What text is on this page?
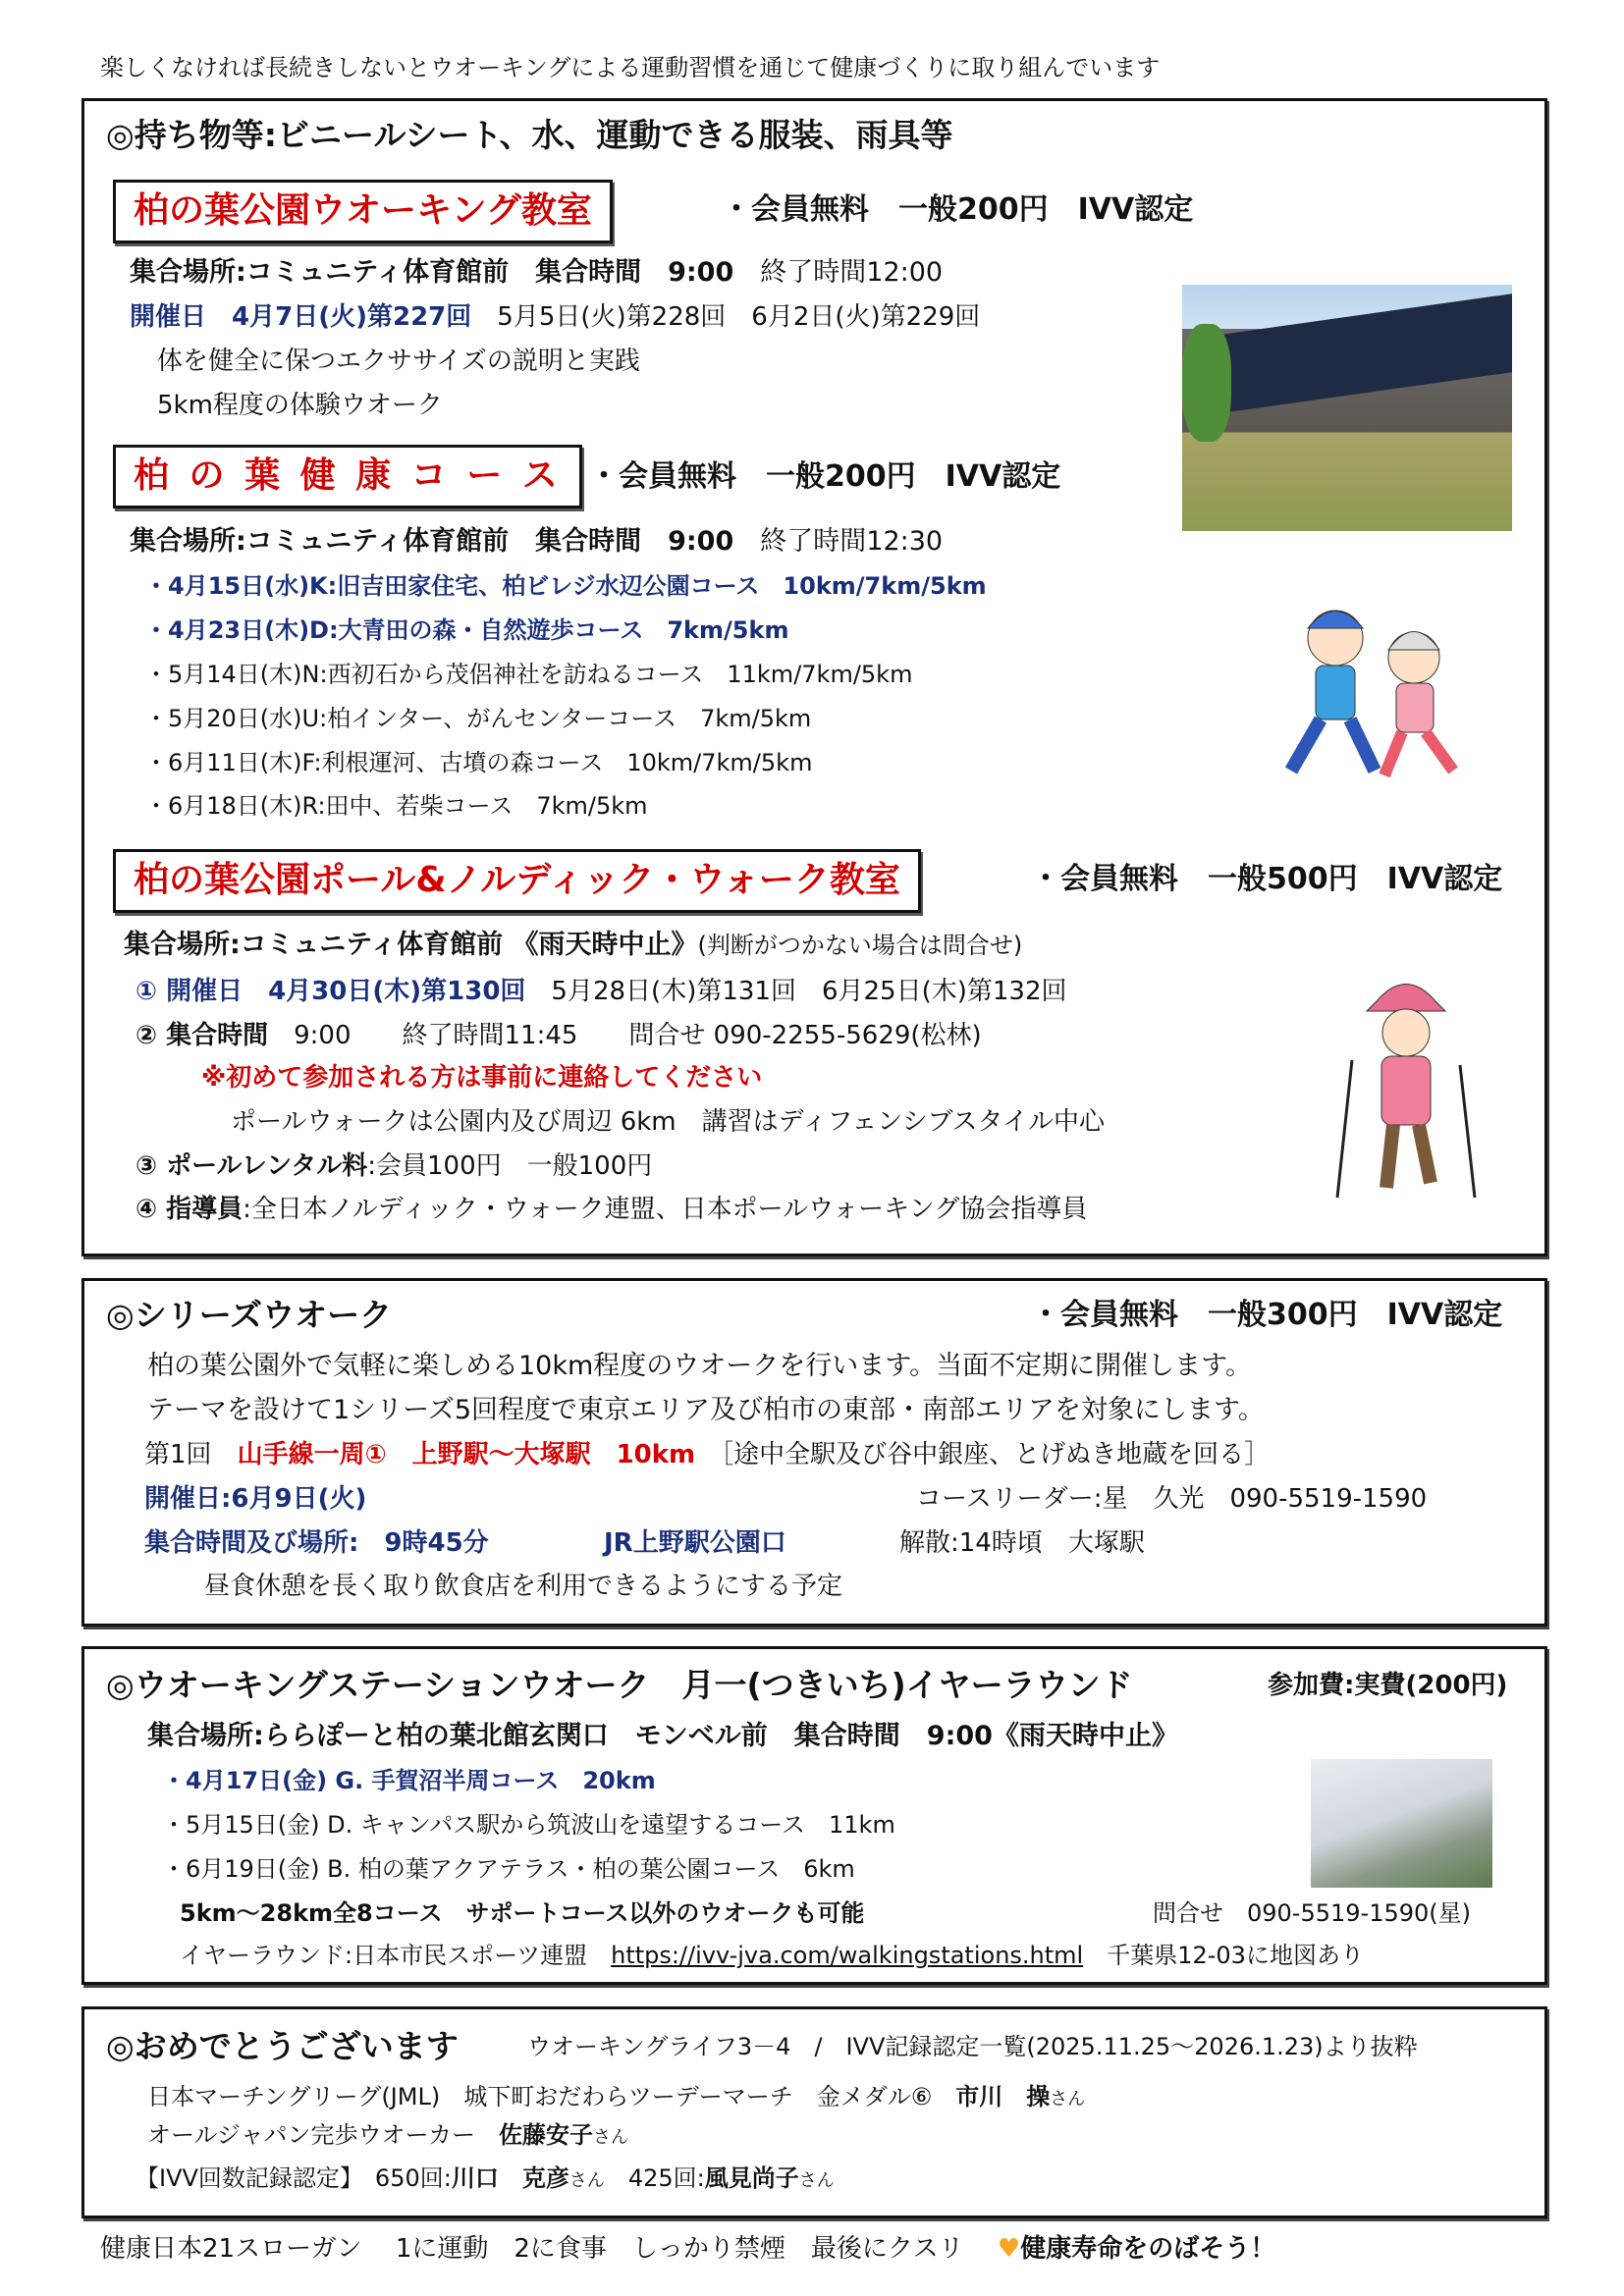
楽しくなければ長続きしないとウオーキングによる運動習慣を通じて健康づくりに取り組んでいます
◎持ち物等:ビニールシート、水、運動できる服装、雨具等
柏の葉公園ウオーキング教室	・会員無料　一般200円　IVV認定
集合場所:コミュニティ体育館前　集合時間　9:00　 終了時間12:00
開催日　 4月7日(火)第227回　 5月5日(火)第228回　6月2日(火)第229回
体を健全に保つエクササイズの説明と実践
5km程度の体験ウオーク
柏 の 葉 健 康 コ ー ス ・会員無料　一般200円　IVV認定
集合場所:コミュニティ体育館前　集合時間　9:00　 終了時間12:30
・4月15日(水)K:旧吉田家住宅、柏ビレジ水辺公園コース　10km/7km/5km
・4月23日(木)D:大青田の森・自然遊歩コース　7km/5km
・5月14日(木)N:西初石から茂侶神社を訪ねるコース　11km/7km/5km
・5月20日(水)U:柏インター、がんセンターコース　7km/5km
・6月11日(木)F:利根運河、古墳の森コース　10km/7km/5km
・6月18日(木)R:田中、若柴コース　7km/5km
柏の葉公園ポール&ノルディック・ウォーク教室	・会員無料　一般500円　IVV認定
集合場所:コミュニティ体育館前 《雨天時中止》(判断がつかない場合は問合せ)
① 開催日　 4月30日(木)第130回　 5月28日(木)第131回　6月25日(木)第132回
② 集合時間　 9:00　　終了時間11:45　　問合せ 090-2255-5629(松林)
※初めて参加される方は事前に連絡してください
ポールウォークは公園内及び周辺 6km　講習はディフェンシブスタイル中心
③ ポールレンタル料:会員100円　一般100円
④ 指導員:全日本ノルディック・ウォーク連盟、日本ポールウォーキング協会指導員
◎シリーズウオーク	・会員無料　一般300円　IVV認定
柏の葉公園外で気軽に楽しめる10km程度のウオークを行います。当面不定期に開催します。
テーマを設けて1シリーズ5回程度で東京エリア及び柏市の東部・南部エリアを対象にします。
第1回　 山手線一周①　上野駅～大塚駅　10km　 ［途中全駅及び谷中銀座、とげぬき地蔵を回る］
開催日:6月9日(火)	コースリーダー:星　久光　090-5519-1590
集合時間及び場所:　9時45分	JR上野駅公園口	解散:14時頃　大塚駅
昼食休憩を長く取り飲食店を利用できるようにする予定
◎ウオーキングステーションウオーク　月一(つきいち)イヤーラウンド	参加費:実費(200円)
集合場所:ららぽーと柏の葉北館玄関口　モンベル前　集合時間　9:00《雨天時中止》
・4月17日(金) G. 手賀沼半周コース　20km
・5月15日(金) D. キャンパス駅から筑波山を遠望するコース　11km
・6月19日(金) B. 柏の葉アクアテラス・柏の葉公園コース　6km
5km～28km全8コース　サポートコース以外のウオークも可能	問合せ　090-5519-1590(星)
イヤーラウンド:日本市民スポーツ連盟　 https://ivv-jva.com/walkingstations.html　 千葉県12-03に地図あり
◎おめでとうございます	ウオーキングライフ3－4　/　IVV記録認定一覧(2025.11.25～2026.1.23)より抜粋
日本マーチングリーグ(JML)　城下町おだわらツーデーマーチ　金メダル⑥　 市川　操さん
オールジャパン完歩ウオーカー　 佐藤安子さん
【IVV回数記録認定】　 650回:川口　克彦さん　 425回:風見尚子さん
健康日本21スローガン　 1に運動　2に食事　しっかり禁煙　最後にクスリ　 ♥健康寿命をのばそう！
